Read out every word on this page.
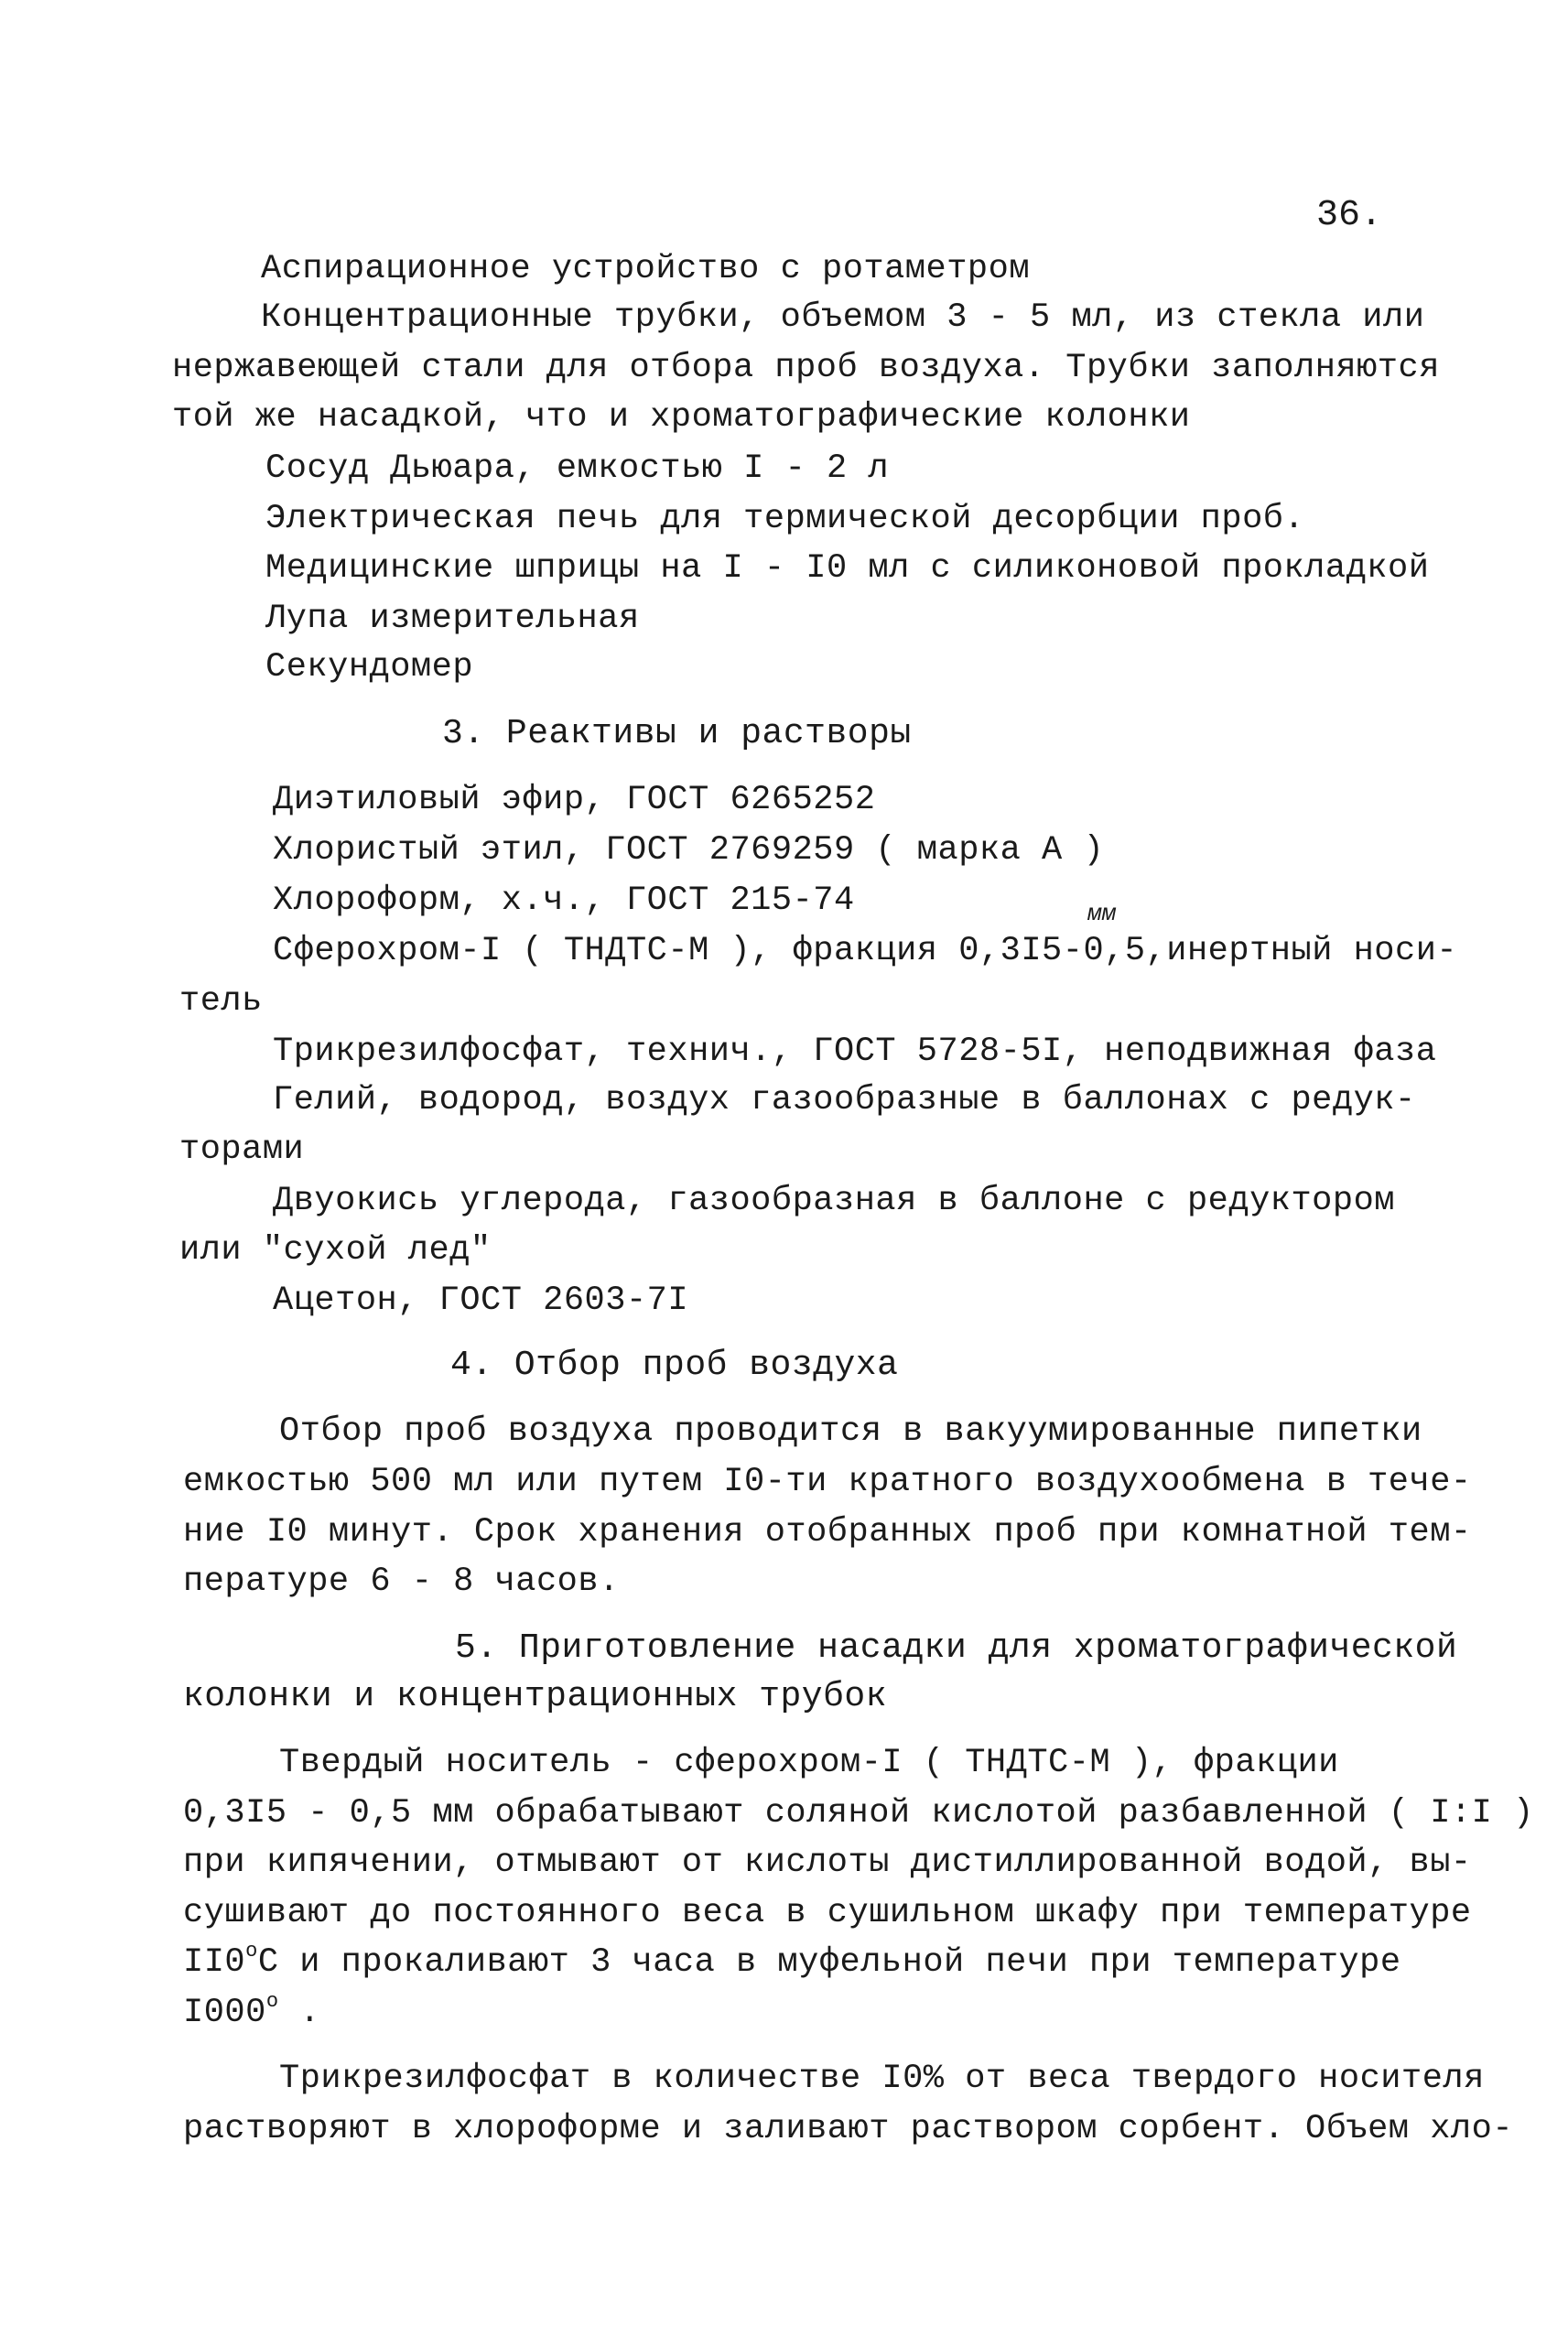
36.
Аспирационное устройство с ротаметром
Концентрационные трубки, объемом 3 - 5 мл, из стекла или
нержавеющей стали для отбора проб воздуха. Трубки заполняются
той же насадкой, что и хроматографические колонки
Сосуд Дьюара, емкостью I - 2 л
Электрическая печь для термической десорбции проб.
Медицинские шприцы на I - I0 мл с силиконовой прокладкой
Лупа измерительная
Секундомер
3. Реактивы и растворы
Диэтиловый эфир, ГОСТ 6265252
Хлористый этил, ГОСТ 2769259 ( марка А )
Хлороформ, х.ч., ГОСТ 215-74	мм
Сферохром-I ( ТНДТС-М ), фракция 0,3I5-0,5,инертный носи-
тель
Трикрезилфосфат, технич., ГОСТ 5728-5I, неподвижная фаза
Гелий, водород, воздух газообразные в баллонах с редук-
торами
Двуокись углерода, газообразная в баллоне с редуктором
или "сухой лед"
Ацетон, ГОСТ 2603-7I
4. Отбор проб воздуха
Отбор проб воздуха проводится в вакуумированные пипетки
емкостью 500 мл или путем I0-ти кратного воздухообмена в тече-
ние I0 минут. Срок хранения отобранных проб при комнатной тем-
пературе 6 - 8 часов.
5. Приготовление насадки для хроматографической
колонки и концентрационных трубок
Твердый носитель - сферохром-I ( ТНДТС-М ), фракции
0,3I5 - 0,5 мм обрабатывают соляной кислотой разбавленной ( I:I )
при кипячении, отмывают от кислоты дистиллированной водой, вы-
сушивают до постоянного веса в сушильном шкафу при температуре
II0$^o$С и прокаливают 3 часа в муфельной печи при температуре
I000$^o$ .
Трикрезилфосфат в количестве I0% от веса твердого носителя
растворяют в хлороформе и заливают раствором сорбент. Объем хло-
